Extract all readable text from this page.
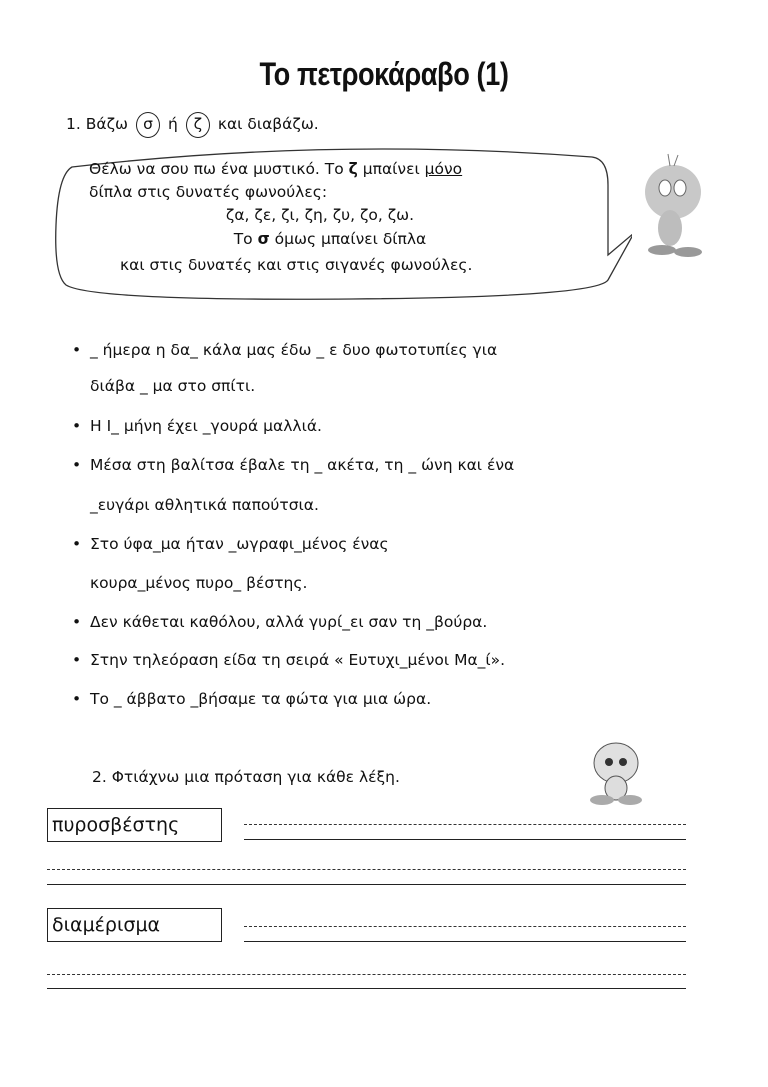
Το πετροκάραβο (1)
1. Βάζω σ ή ζ και διαβάζω.
Θέλω να σου πω ένα μυστικό. Το ζ μπαίνει μόνο
δίπλα στις δυνατές φωνούλες:
ζα, ζε, ζι, ζη, ζυ, ζο, ζω.
Το σ όμως μπαίνει δίπλα
και στις δυνατές και στις σιγανές φωνούλες.
• _ ήμερα η δα_ κάλα μας έδω _ ε δυο φωτοτυπίες για
διάβα _ μα στο σπίτι.
• Η Ι_ μήνη έχει _γουρά μαλλιά.
• Μέσα στη βαλίτσα έβαλε τη _ ακέτα, τη _ ώνη και ένα
_ευγάρι αθλητικά παπούτσια.
• Στο ύφα_μα ήταν _ωγραφι_μένος ένας
κουρα_μένος πυρο_ βέστης.
• Δεν κάθεται καθόλου, αλλά γυρί_ει σαν τη _βούρα.
• Στην τηλεόραση είδα τη σειρά « Ευτυχι_μένοι Μα_ί».
• Το _ άββατο _βήσαμε τα φώτα για μια ώρα.
2. Φτιάχνω μια πρόταση για κάθε λέξη.
πυροσβέστης
διαμέρισμα
